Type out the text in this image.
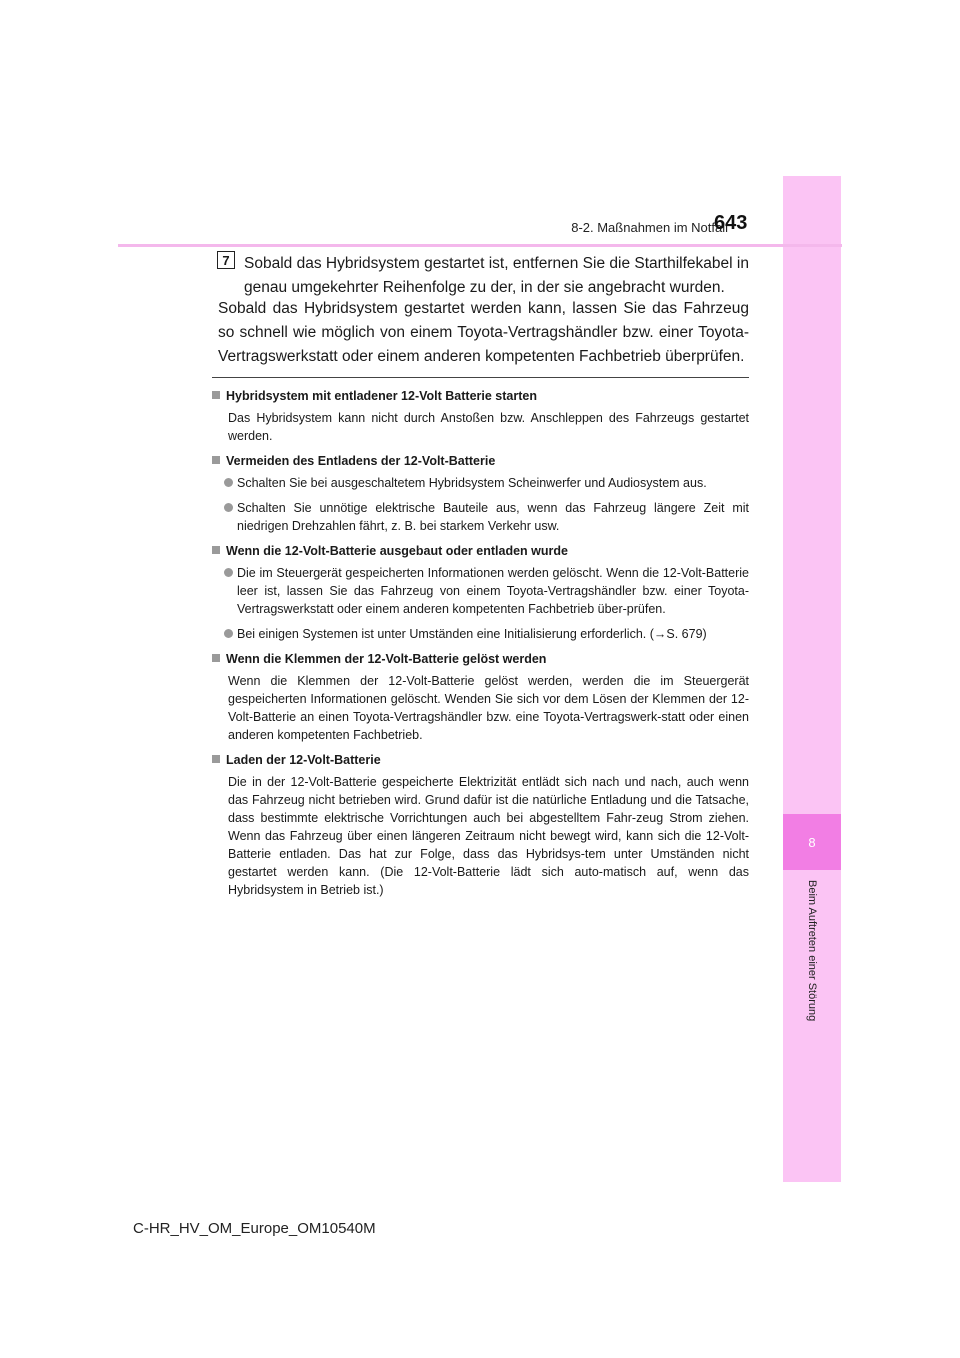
8
Beim Auftreten einer Störung
8-2. Maßnahmen im Notfall
643
7 Sobald das Hybridsystem gestartet ist, entfernen Sie die Starthilfekabel in genau umgekehrter Reihenfolge zu der, in der sie angebracht wurden.
Sobald das Hybridsystem gestartet werden kann, lassen Sie das Fahrzeug so schnell wie möglich von einem Toyota-Vertragshändler bzw. einer Toyota-Vertragswerkstatt oder einem anderen kompetenten Fachbetrieb überprüfen.
Hybridsystem mit entladener 12-Volt Batterie starten
Das Hybridsystem kann nicht durch Anstoßen bzw. Anschleppen des Fahrzeugs gestartet werden.
Vermeiden des Entladens der 12-Volt-Batterie
Schalten Sie bei ausgeschaltetem Hybridsystem Scheinwerfer und Audiosystem aus.
Schalten Sie unnötige elektrische Bauteile aus, wenn das Fahrzeug längere Zeit mit niedrigen Drehzahlen fährt, z. B. bei starkem Verkehr usw.
Wenn die 12-Volt-Batterie ausgebaut oder entladen wurde
Die im Steuergerät gespeicherten Informationen werden gelöscht. Wenn die 12-Volt-Batterie leer ist, lassen Sie das Fahrzeug von einem Toyota-Vertragshändler bzw. einer Toyota-Vertragswerkstatt oder einem anderen kompetenten Fachbetrieb über-prüfen.
Bei einigen Systemen ist unter Umständen eine Initialisierung erforderlich. (→S. 679)
Wenn die Klemmen der 12-Volt-Batterie gelöst werden
Wenn die Klemmen der 12-Volt-Batterie gelöst werden, werden die im Steuergerät gespeicherten Informationen gelöscht. Wenden Sie sich vor dem Lösen der Klemmen der 12-Volt-Batterie an einen Toyota-Vertragshändler bzw. eine Toyota-Vertragswerk-statt oder einen anderen kompetenten Fachbetrieb.
Laden der 12-Volt-Batterie
Die in der 12-Volt-Batterie gespeicherte Elektrizität entlädt sich nach und nach, auch wenn das Fahrzeug nicht betrieben wird. Grund dafür ist die natürliche Entladung und die Tatsache, dass bestimmte elektrische Vorrichtungen auch bei abgestelltem Fahr-zeug Strom ziehen. Wenn das Fahrzeug über einen längeren Zeitraum nicht bewegt wird, kann sich die 12-Volt-Batterie entladen. Das hat zur Folge, dass das Hybridsys-tem unter Umständen nicht gestartet werden kann. (Die 12-Volt-Batterie lädt sich auto-matisch auf, wenn das Hybridsystem in Betrieb ist.)
C-HR_HV_OM_Europe_OM10540M
